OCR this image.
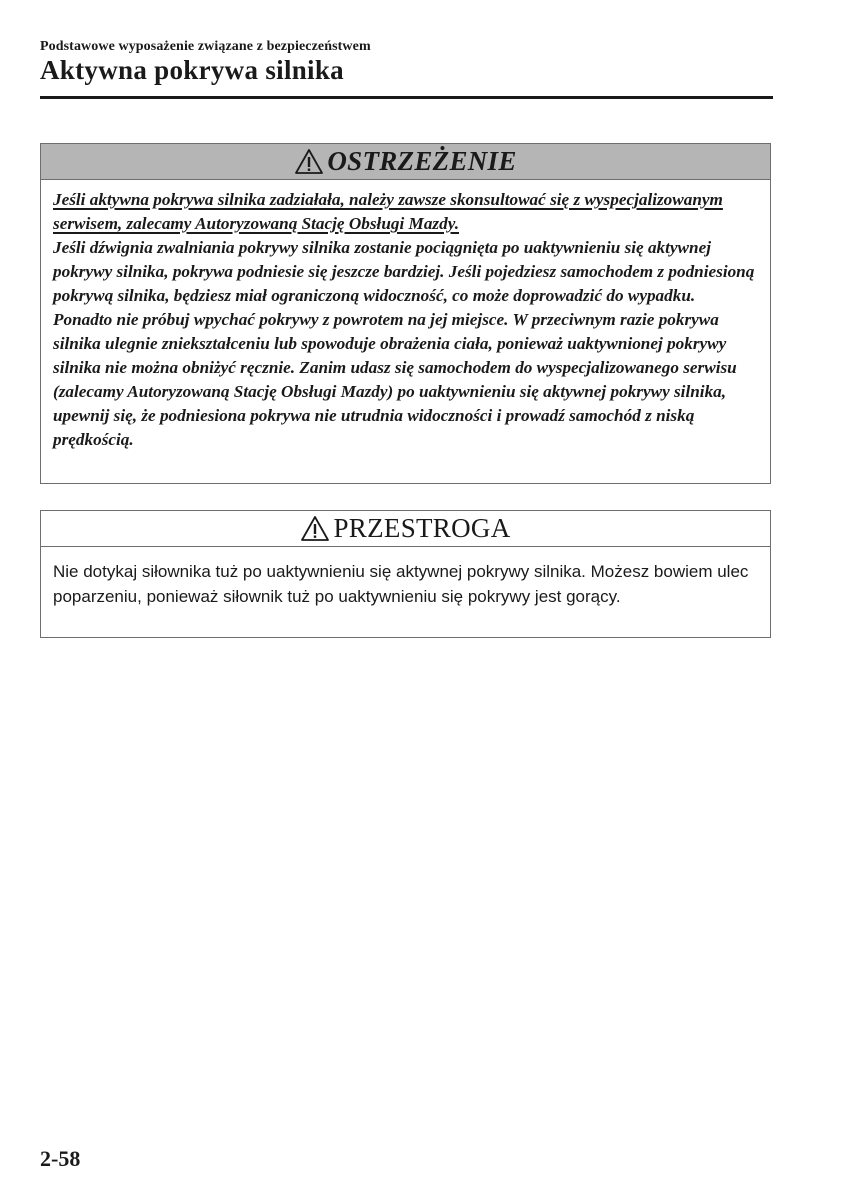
Podstawowe wyposażenie związane z bezpieczeństwem
Aktywna pokrywa silnika
OSTRZEŻENIE

Jeśli aktywna pokrywa silnika zadziałała, należy zawsze skonsultować się z wyspecjalizowanym serwisem, zalecamy Autoryzowaną Stację Obsługi Mazdy.

Jeśli dźwignia zwalniania pokrywy silnika zostanie pociągnięta po uaktywnieniu się aktywnej pokrywy silnika, pokrywa podniesie się jeszcze bardziej. Jeśli pojedziesz samochodem z podniesioną pokrywą silnika, będziesz miał ograniczoną widoczność, co może doprowadzić do wypadku. Ponadto nie próbuj wpychać pokrywy z powrotem na jej miejsce. W przeciwnym razie pokrywa silnika ulegnie zniekształceniu lub spowoduje obrażenia ciała, ponieważ uaktywnionej pokrywy silnika nie można obniżyć ręcznie. Zanim udasz się samochodem do wyspecjalizowanego serwisu (zalecamy Autoryzowaną Stację Obsługi Mazdy) po uaktywnieniu się aktywnej pokrywy silnika, upewnij się, że podniesiona pokrywa nie utrudnia widoczności i prowadź samochód z niską prędkością.

PRZESTROGA

Nie dotykaj siłownika tuż po uaktywnieniu się aktywnej pokrywy silnika. Możesz bowiem ulec poparzeniu, ponieważ siłownik tuż po uaktywnieniu się pokrywy jest gorący.

2-58
